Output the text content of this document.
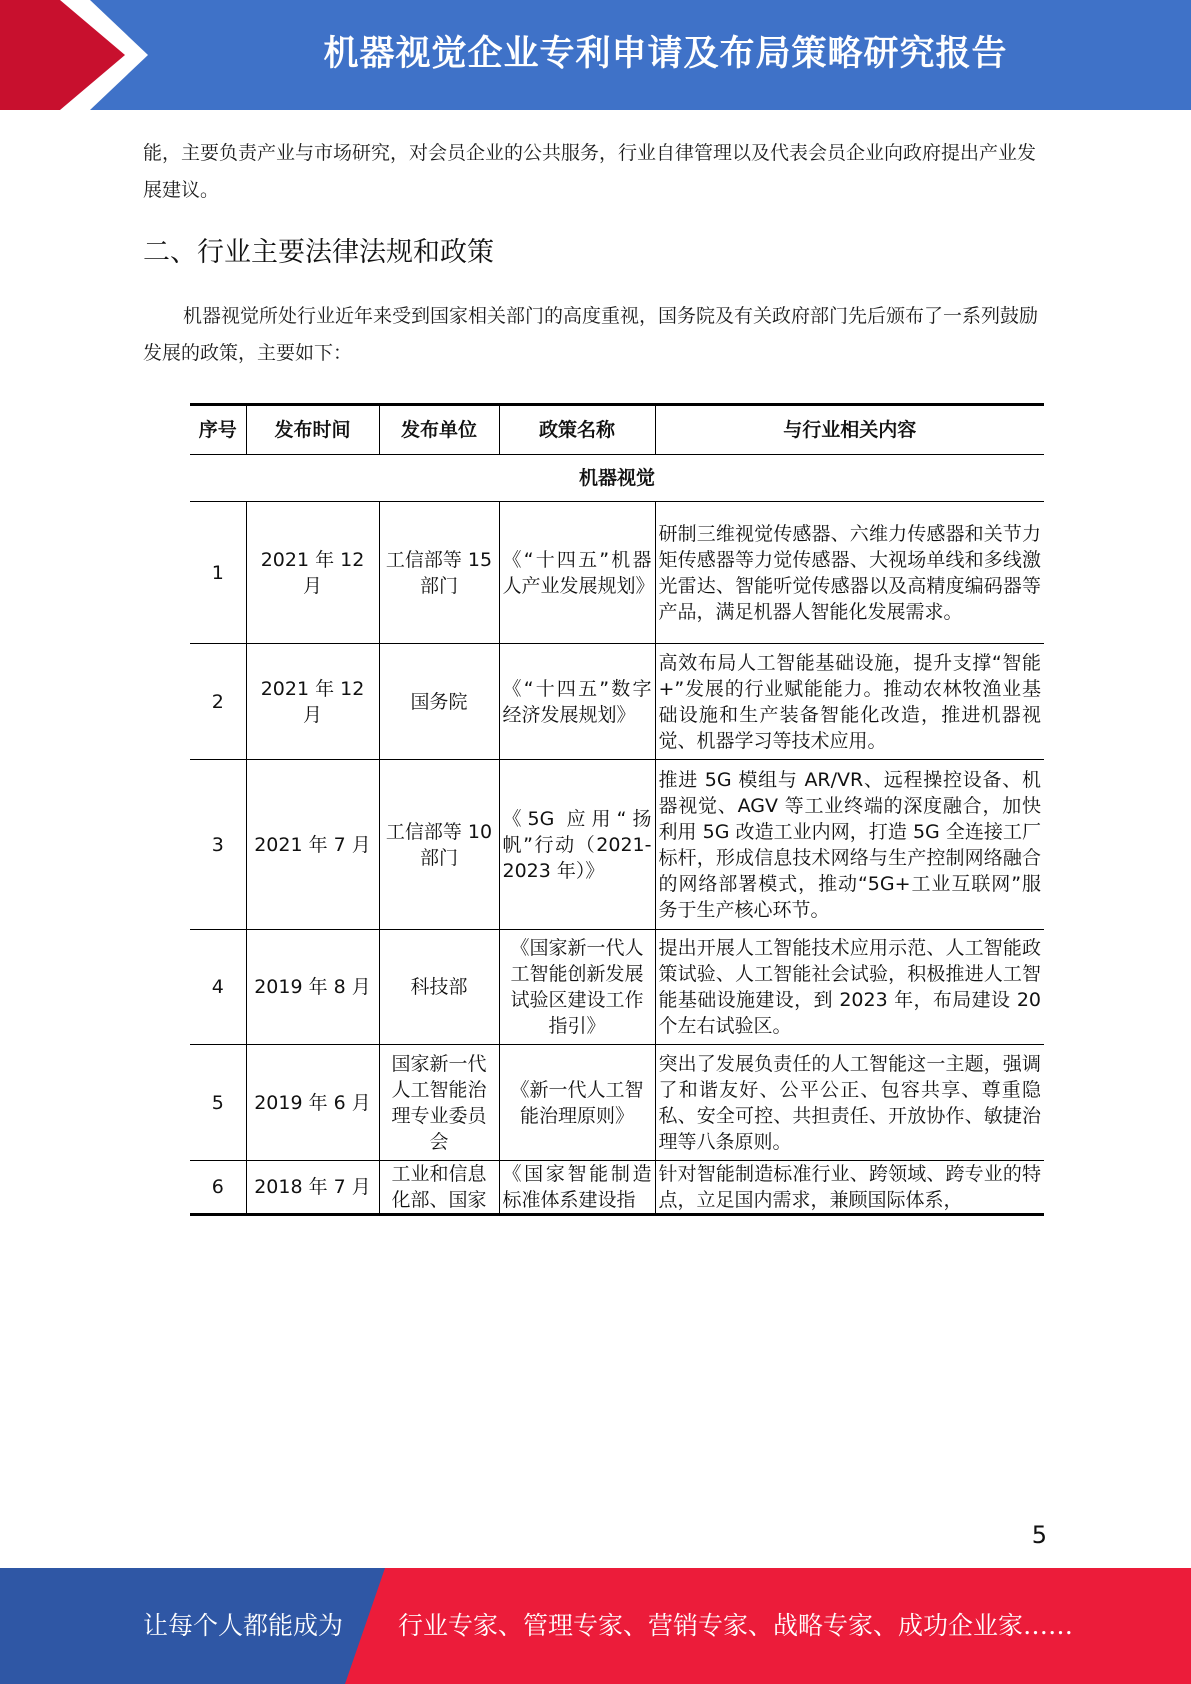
机器视觉企业专利申请及布局策略研究报告
能，主要负责产业与市场研究，对会员企业的公共服务，行业自律管理以及代表会员企业向政府提出产业发展建议。
二、行业主要法律法规和政策
机器视觉所处行业近年来受到国家相关部门的高度重视，国务院及有关政府部门先后颁布了一系列鼓励发展的政策，主要如下：
序号	发布时间	发布单位	政策名称	与行业相关内容
机器视觉				
1	2021 年 12 月	工信部等 15 部门	《“十四五”机器人产业发展规划》	研制三维视觉传感器、六维力传感器和关节力矩传感器等力觉传感器、大视场单线和多线激光雷达、智能听觉传感器以及高精度编码器等产品，满足机器人智能化发展需求。
2	2021 年 12 月	国务院	《“十四五”数字经济发展规划》	高效布局人工智能基础设施，提升支撑“智能+”发展的行业赋能能力。推动农林牧渔业基础设施和生产装备智能化改造，推进机器视觉、机器学习等技术应用。
3	2021 年 7 月	工信部等 10 部门	《5G 应用“扬帆”行动（2021-2023 年）》	推进 5G 模组与 AR/VR、远程操控设备、机器视觉、AGV 等工业终端的深度融合，加快利用 5G 改造工业内网，打造 5G 全连接工厂标杆，形成信息技术网络与生产控制网络融合的网络部署模式，推动“5G+工业互联网”服务于生产核心环节。
4	2019 年 8 月	科技部	《国家新一代人工智能创新发展试验区建设工作指引》	提出开展人工智能技术应用示范、人工智能政策试验、人工智能社会试验，积极推进人工智能基础设施建设，到 2023 年，布局建设 20 个左右试验区。
5	2019 年 6 月	国家新一代人工智能治理专业委员会	《新一代人工智能治理原则》	突出了发展负责任的人工智能这一主题，强调了和谐友好、公平公正、包容共享、尊重隐私、安全可控、共担责任、开放协作、敏捷治理等八条原则。
6	2018 年 7 月	工业和信息化部、国家	《国家智能制造标准体系建设指	针对智能制造标准行业、跨领域、跨专业的特点，立足国内需求，兼顾国际体系，
5
让每个人都能成为 行业专家、管理专家、营销专家、战略专家、成功企业家……
